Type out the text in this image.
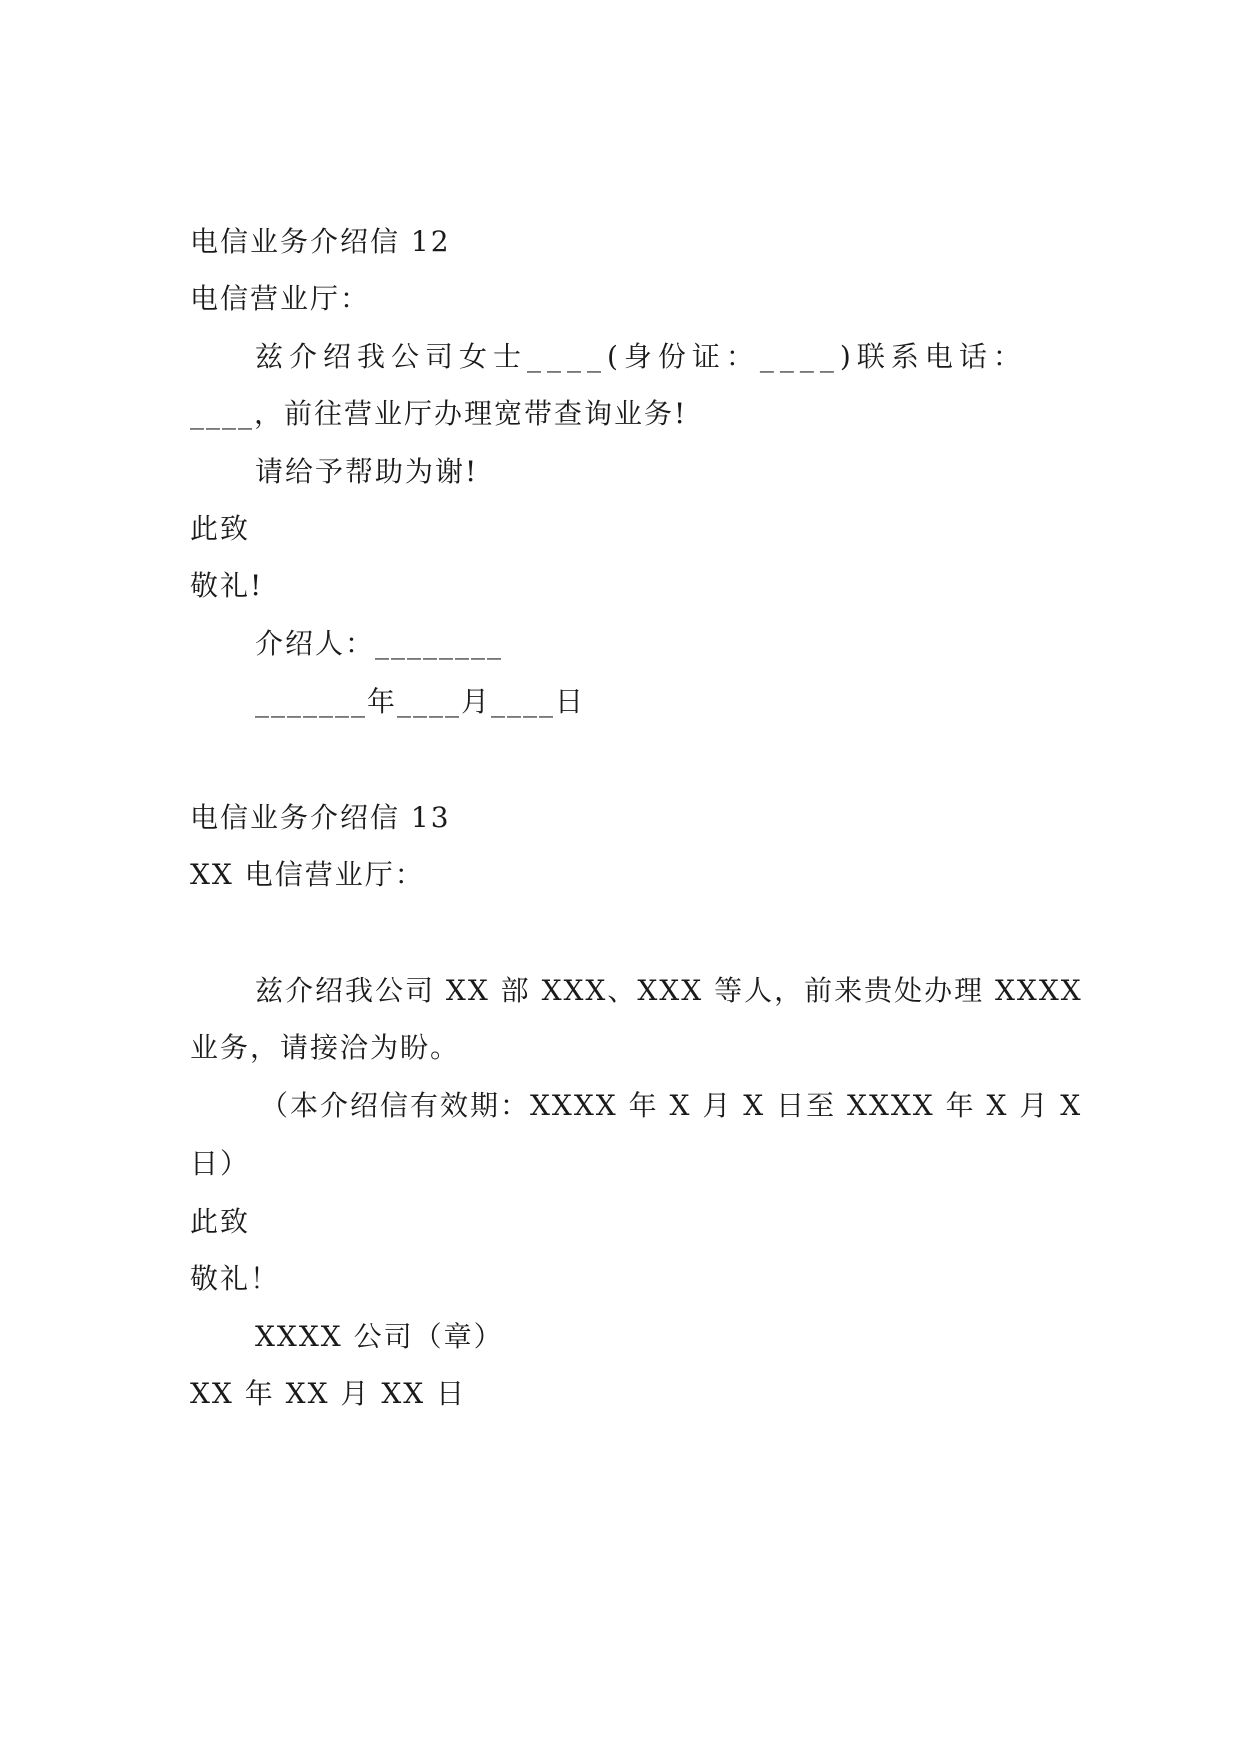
电信业务介绍信 12
电信营业厅：
兹介绍我公司女士____(身份证：____)联系电话：
____，前往营业厅办理宽带查询业务!
请给予帮助为谢!
此致
敬礼!
介绍人：________
_______年____月____日
电信业务介绍信 13
XX 电信营业厅：
兹介绍我公司 XX 部 XXX、XXX 等人，前来贵处办理 XXXX
业务，请接洽为盼。
（本介绍信有效期：XXXX 年 X 月 X 日至 XXXX 年 X 月 X
日）
此致
敬礼！
XXXX 公司（章）
XX 年 XX 月 XX 日
